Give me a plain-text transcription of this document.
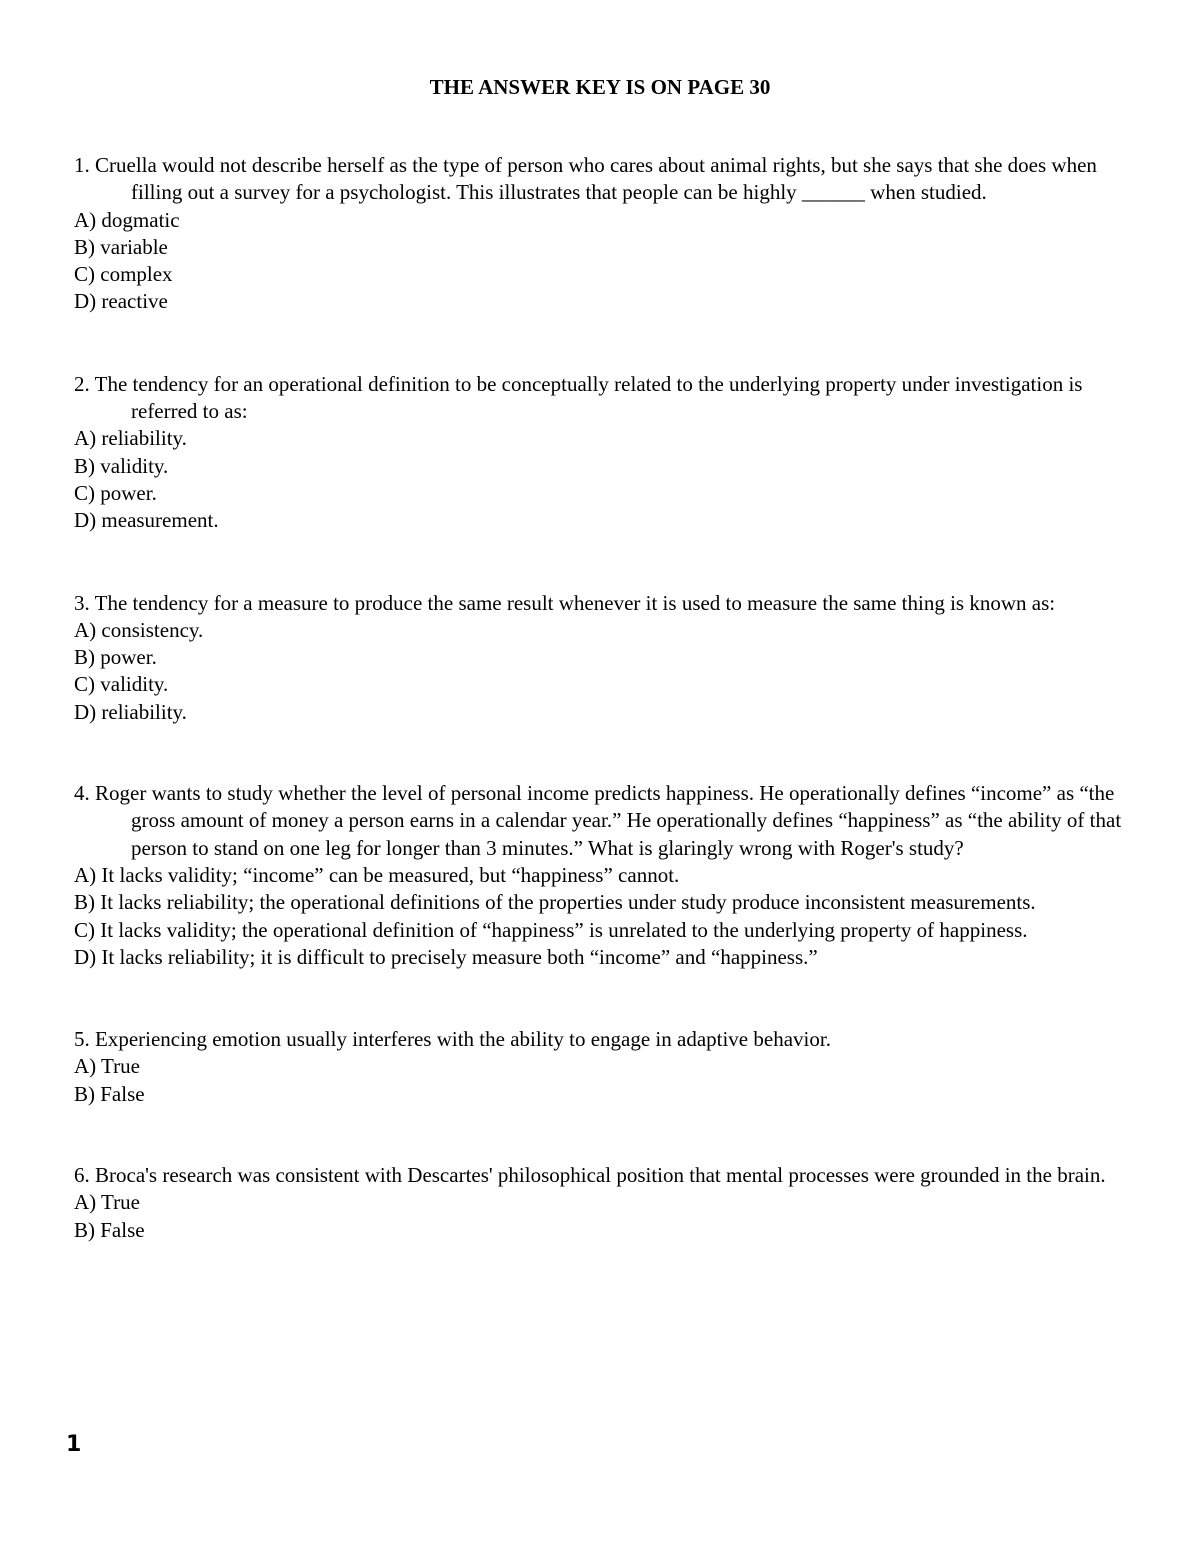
THE ANSWER KEY IS ON PAGE 30
1. Cruella would not describe herself as the type of person who cares about animal rights, but she says that she does when filling out a survey for a psychologist. This illustrates that people can be highly ______ when studied.
A) dogmatic
B) variable
C) complex
D) reactive
2. The tendency for an operational definition to be conceptually related to the underlying property under investigation is referred to as:
A) reliability.
B) validity.
C) power.
D) measurement.
3. The tendency for a measure to produce the same result whenever it is used to measure the same thing is known as:
A) consistency.
B) power.
C) validity.
D) reliability.
4. Roger wants to study whether the level of personal income predicts happiness. He operationally defines “income” as “the gross amount of money a person earns in a calendar year.” He operationally defines “happiness” as “the ability of that person to stand on one leg for longer than 3 minutes.” What is glaringly wrong with Roger's study?
A) It lacks validity; “income” can be measured, but “happiness” cannot.
B) It lacks reliability; the operational definitions of the properties under study produce inconsistent measurements.
C) It lacks validity; the operational definition of “happiness” is unrelated to the underlying property of happiness.
D) It lacks reliability; it is difficult to precisely measure both “income” and “happiness.”
5. Experiencing emotion usually interferes with the ability to engage in adaptive behavior.
A) True
B) False
6. Broca's research was consistent with Descartes' philosophical position that mental processes were grounded in the brain.
A) True
B) False
1
